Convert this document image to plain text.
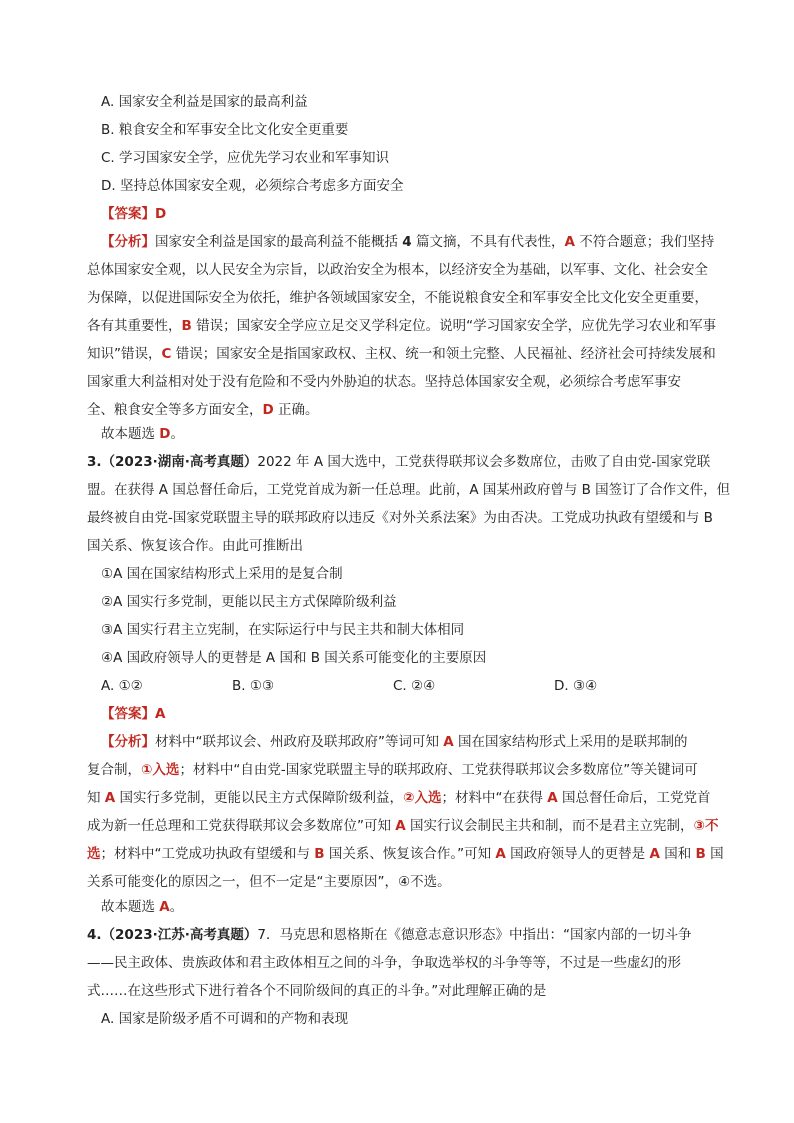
A. 国家安全利益是国家的最高利益
B. 粮食安全和军事安全比文化安全更重要
C. 学习国家安全学，应优先学习农业和军事知识
D. 坚持总体国家安全观，必须综合考虑多方面安全
【答案】D
【分析】国家安全利益是国家的最高利益不能概括 4 篇文摘，不具有代表性，A 不符合题意；我们坚持
总体国家安全观，以人民安全为宗旨，以政治安全为根本，以经济安全为基础，以军事、文化、社会安全
为保障，以促进国际安全为依托，维护各领域国家安全，不能说粮食安全和军事安全比文化安全更重要，
各有其重要性，B 错误；国家安全学应立足交叉学科定位。说明“学习国家安全学，应优先学习农业和军事
知识”错误，C 错误；国家安全是指国家政权、主权、统一和领土完整、人民福祉、经济社会可持续发展和
国家重大利益相对处于没有危险和不受内外胁迫的状态。坚持总体国家安全观，必须综合考虑军事安
全、粮食安全等多方面安全，D 正确。
故本题选 D。
3.（2023·湖南·高考真题）2022 年 A 国大选中，工党获得联邦议会多数席位，击败了自由党-国家党联
盟。在获得 A 国总督任命后，工党党首成为新一任总理。此前，A 国某州政府曾与 B 国签订了合作文件，但
最终被自由党-国家党联盟主导的联邦政府以违反《对外关系法案》为由否决。工党成功执政有望缓和与 B
国关系、恢复该合作。由此可推断出
①A 国在国家结构形式上采用的是复合制
②A 国实行多党制，更能以民主方式保障阶级利益
③A 国实行君主立宪制，在实际运行中与民主共和制大体相同
④A 国政府领导人的更替是 A 国和 B 国关系可能变化的主要原因
A. ①②	B. ①③	C. ②④	D. ③④
【答案】A
【分析】材料中“联邦议会、州政府及联邦政府”等词可知 A 国在国家结构形式上采用的是联邦制的
复合制，①入选；材料中“自由党-国家党联盟主导的联邦政府、工党获得联邦议会多数席位”等关键词可
知 A 国实行多党制，更能以民主方式保障阶级利益，②入选；材料中“在获得 A 国总督任命后，工党党首
成为新一任总理和工党获得联邦议会多数席位”可知 A 国实行议会制民主共和制，而不是君主立宪制，③不
选；材料中“工党成功执政有望缓和与 B 国关系、恢复该合作。”可知 A 国政府领导人的更替是 A 国和 B 国
关系可能变化的原因之一，但不一定是“主要原因”，④不选。
故本题选 A。
4.（2023·江苏·高考真题）7．马克思和恩格斯在《德意志意识形态》中指出：“国家内部的一切斗争
——民主政体、贵族政体和君主政体相互之间的斗争，争取选举权的斗争等等，不过是一些虚幻的形
式……在这些形式下进行着各个不同阶级间的真正的斗争。”对此理解正确的是
A. 国家是阶级矛盾不可调和的产物和表现
